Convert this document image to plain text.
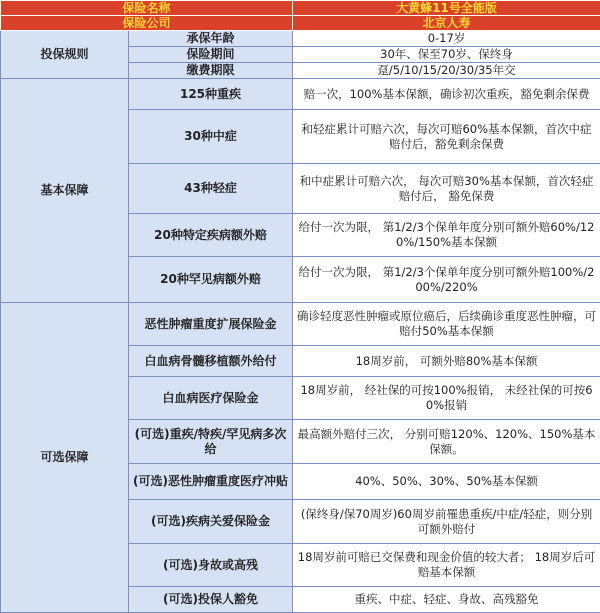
保险名称		大黄蜂11号全能版
保险公司		北京人寿
投保规则	承保年龄	0-17岁
	保险期间	30年、保至70岁、保终身
	缴费期限	趸/5/10/15/20/30/35年交
基本保障	125种重疾	赔一次，100%基本保额，确诊初次重疾，豁免剩余保费
	30种中症	和轻症累计可赔六次，每次可赔60%基本保额，首次中症赔付后，豁免剩余保费
	43种轻症	和中症累计可赔六次， 每次可赔30%基本保额，首次轻症赔付后， 豁免保费
	20种特定疾病额外赔	给付一次为限， 第1/2/3个保单年度分别可额外赔60%/120%/150%基本保额
	20种罕见病额外赔	给付一次为限， 第1/2/3个保单年度分别可额外赔100%/200%/220%
可选保障	恶性肿瘤重度扩展保险金	确诊轻度恶性肿瘤或原位癌后，后续确诊重度恶性肿瘤，可赔付50%基本保额
	白血病骨髓移植额外给付	18周岁前， 可额外赔80%基本保额
	白血病医疗保险金	18周岁前， 经社保的可按100%报销， 未经社保的可按60%报销
	(可选)重疾/特疾/罕见病多次给	最高额外赔付三次， 分别可赔120%、120%、150%基本保额。
	(可选)恶性肿瘤重度医疗冲贴	40%、50%、30%、50%基本保额
	(可选)疾病关爱保险金	(保终身/保70周岁)60周岁前罹患重疾/中症/轻症，则分别可额外赔付
	(可选)身故或高残	18周岁前可赔已交保费和现金价值的较大者； 18周岁后可赔基本保额
	(可选)投保人豁免	重疾、中症、轻症、身故、高残豁免
